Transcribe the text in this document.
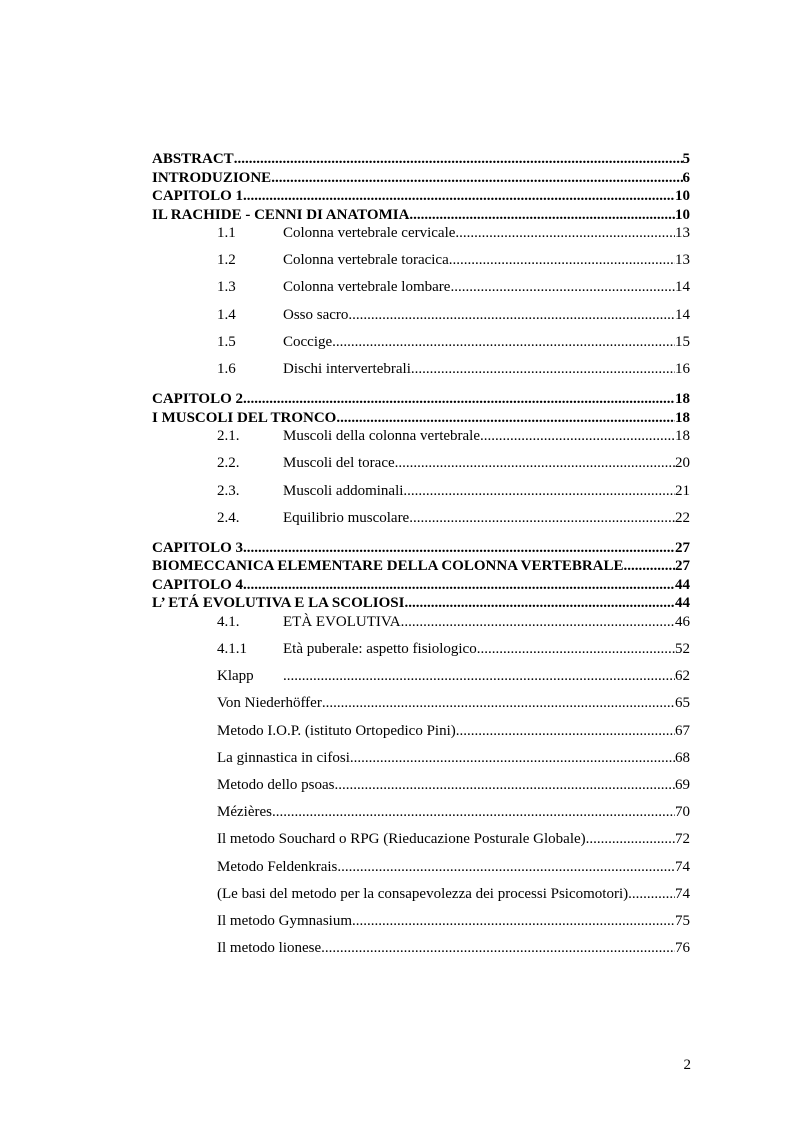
ABSTRACT .....	5
INTRODUZIONE .....	6
CAPITOLO 1 .....	10
IL RACHIDE - CENNI DI ANATOMIA .....	10
1.1	Colonna vertebrale cervicale .....	13
1.2	Colonna vertebrale toracica .....	13
1.3	Colonna vertebrale lombare .....	14
1.4	Osso sacro .....	14
1.5	Coccige .....	15
1.6	Dischi intervertebrali .....	16
CAPITOLO 2 .....	18
I MUSCOLI DEL TRONCO .....	18
2.1.	Muscoli della colonna vertebrale .....	18
2.2.	Muscoli del torace .....	20
2.3.	Muscoli addominali .....	21
2.4.	Equilibrio muscolare .....	22
CAPITOLO 3 .....	27
BIOMECCANICA ELEMENTARE DELLA COLONNA VERTEBRALE .....	27
CAPITOLO 4 .....	44
L’ ETÁ EVOLUTIVA E LA SCOLIOSI .....	44
4.1.	ETÀ EVOLUTIVA .....	46
4.1.1	Età puberale: aspetto fisiologico .....	52
Klapp .....	62
Von Niederhöffer .....	65
Metodo I.O.P. (istituto Ortopedico Pini) .....	67
La ginnastica in cifosi .....	68
Metodo dello psoas .....	69
Mézières .....	70
Il metodo Souchard o RPG (Rieducazione Posturale Globale) .....	72
Metodo Feldenkrais .....	74
(Le basi del metodo per la consapevolezza dei processi Psicomotori) .....	74
Il metodo Gymnasium .....	75
Il metodo lionese .....	76
2
